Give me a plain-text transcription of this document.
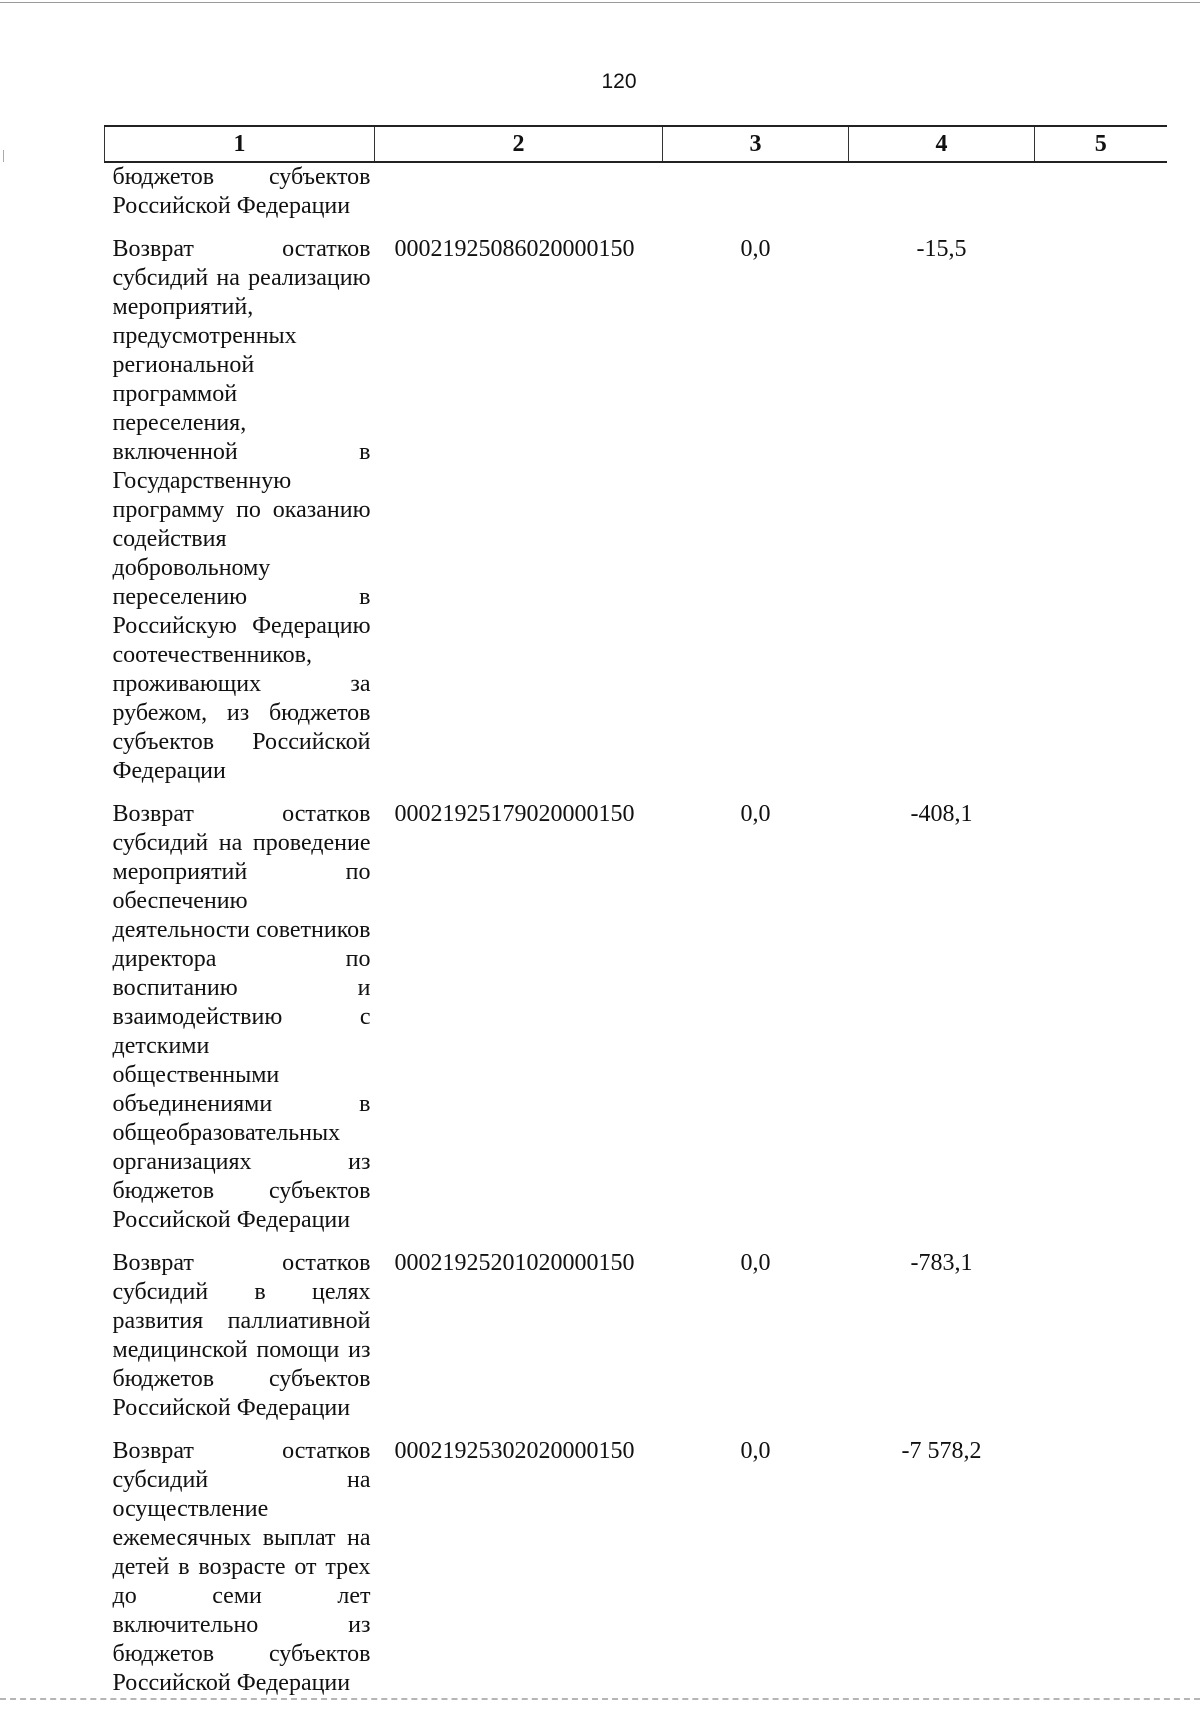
120
1	2	3	4	5
бюджетов субъектов Российской Федерации				
Возврат остатков субсидий на реализацию мероприятий, предусмотренных региональной программой переселения, включенной в Государственную программу по оказанию содействия добровольному переселению в Российскую Федерацию соотечественников, проживающих за рубежом, из бюджетов субъектов Российской Федерации	00021925086020000150	0,0	-15,5	
Возврат остатков субсидий на проведение мероприятий по обеспечению деятельности советников директора по воспитанию и взаимодействию с детскими общественными объединениями в общеобразовательных организациях из бюджетов субъектов Российской Федерации	00021925179020000150	0,0	-408,1	
Возврат остатков субсидий в целях развития паллиативной медицинской помощи из бюджетов субъектов Российской Федерации	00021925201020000150	0,0	-783,1	
Возврат остатков субсидий на осуществление ежемесячных выплат на детей в возрасте от трех до семи лет включительно из бюджетов субъектов Российской Федерации	00021925302020000150	0,0	-7 578,2	
